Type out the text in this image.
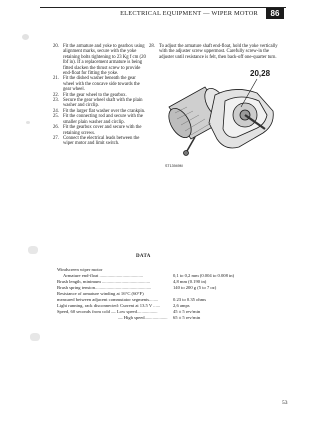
ELECTRICAL EQUIPMENT — WIPER MOTOR	86
20. Fit the armature and yoke to gearbox using alignment marks, secure with the yoke retaining bolts tightening to 23 Kg f cm (20 lbf in). If a replacement armature is being fitted slacken the thrust screw to provide end-float for fitting the yoke.
21. Fit the dished washer beneath the gear wheel with the concave side towards the gear wheel.
22. Fit the gear wheel to the gearbox.
23. Secure the gear wheel shaft with the plain washer and circlip.
24. Fit the larger flat washer over the crankpin.
25. Fit the connecting rod and secure with the smaller plain washer and circlip.
26. Fit the gearbox cover and secure with the retaining screws.
27. Connect the electrical leads between the wiper motor and limit switch.
28. To adjust the armature shaft end-float, hold the yoke vertically with the adjuster screw uppermost. Carefully screw-in the adjuster until resistance is felt, then back-off one-quarter turn.
20,28
ST13949M
DATA
Windscreen wiper motor
Armature end-float ......................................	0,1 to 0,2 mm (0.004 to 0.008 in)
Brush length, minimum ..........................................	4,8 mm (0.190 in)
Brush spring tension.................................................	140 to 200 g (5 to 7 oz)
Resistance of armature winding at 16°C (60°F)
measured between adjacent commutator segments........	0.23 to 0.35 ohms
Light running, rack disconnected: Current at 13.5 V ......	2,6 amps
Speed, 60 seconds from cold — Low speed..................	45 ± 5 rev/min
— High speed.................... 65 ± 5 rev/min
53
